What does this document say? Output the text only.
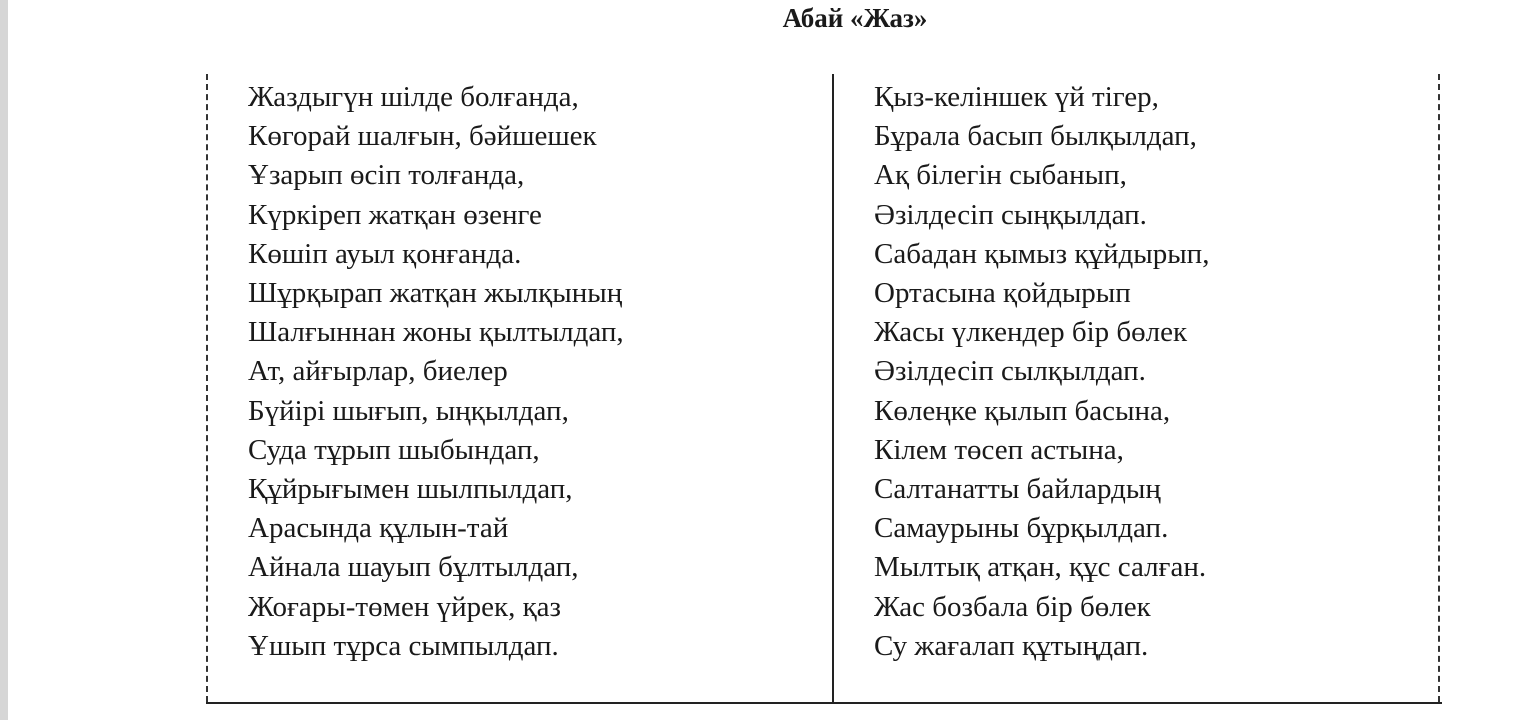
Абай «Жаз»
Жаздыгүн шілде болғанда,
Көгорай шалғын, бәйшешек
Ұзарып өсіп толғанда,
Күркіреп жатқан өзенге
Көшіп ауыл қонғанда.
Шұрқырап жатқан жылқының
Шалғыннан жоны қылтылдап,
Ат, айғырлар, биелер
Бүйірі шығып, ыңқылдап,
Суда тұрып шыбындап,
Құйрығымен шылпылдап,
Арасында құлын-тай
Айнала шауып бұлтылдап,
Жоғары-төмен үйрек, қаз
Ұшып тұрса сымпылдап.
Қыз-келіншек үй тігер,
Бұрала басып былқылдап,
Ақ білегін сыбанып,
Әзілдесіп сыңқылдап.
Сабадан қымыз құйдырып,
Ортасына қойдырып
Жасы үлкендер бір бөлек
Әзілдесіп сылқылдап.
Көлеңке қылып басына,
Кілем төсеп астына,
Салтанатты байлардың
Самаурыны бұрқылдап.
Мылтық атқан, құс салған.
Жас бозбала бір бөлек
Су жағалап құтыңдап.
